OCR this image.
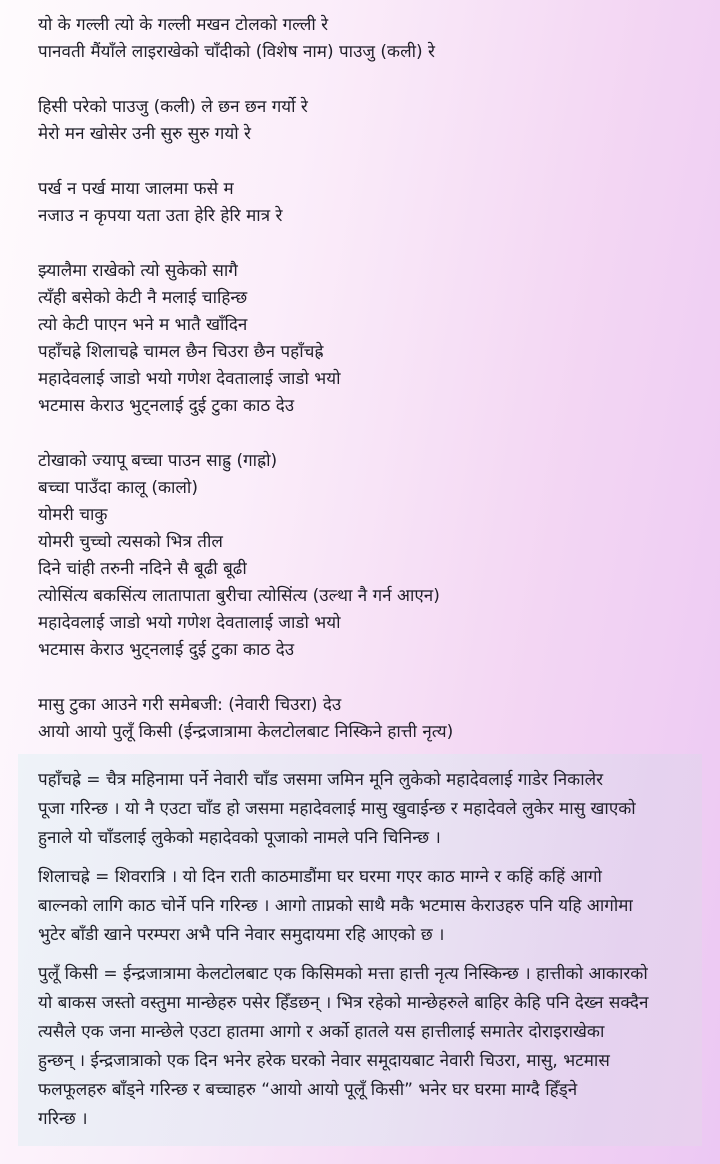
यो के गल्ली त्यो के गल्ली मखन टोलको गल्ली रे
पानवती मैंयाँले लाइराखेको चाँदीको (विशेष नाम) पाउजु (कली) रे
हिसी परेको पाउजु (कली) ले छन छन गर्यो रे
मेरो मन खोसेर उनी सुरु सुरु गयो रे
पर्ख न पर्ख माया जालमा फसे म
नजाउ न कृपया यता उता हेरि हेरि मात्र रे
झ्यालैमा राखेको त्यो सुकेको सागै
त्यँही बसेको केटी नै मलाई चाहिन्छ
त्यो केटी पाएन भने म भातै खाँदिन
पहाँचह्रे शिलाचह्रे चामल छैन चिउरा छैन पहाँचह्रे
महादेवलाई जाडो भयो गणेश देवतालाई जाडो भयो
भटमास केराउ भुट्नलाई दुई टुका काठ देउ
टोखाको ज्यापू बच्चा पाउन साह्रु (गाह्रो)
बच्चा पाउँदा कालू (कालो)
योमरी चाकु
योमरी चुच्चो त्यसको भित्र तील
दिने चांही तरुनी नदिने सै बूढी बूढी
त्योसिंत्य बकसिंत्य लातापाता बुरीचा त्योसिंत्य (उल्था नै गर्न आएन)
महादेवलाई जाडो भयो गणेश देवतालाई जाडो भयो
भटमास केराउ भुट्नलाई दुई टुका काठ देउ
मासु टुका आउने गरी समेबजी: (नेवारी चिउरा) देउ
आयो आयो पुलूँ किसी (ईन्द्रजात्रामा केलटोलबाट निस्किने हात्ती नृत्य)
पहाँचह्रे = चैत्र महिनामा पर्ने नेवारी चाँड जसमा जमिन मूनि लुकेको महादेवलाई गाडेर निकालेर
पूजा गरिन्छ । यो नै एउटा चाँड हो जसमा महादेवलाई मासु खुवाईन्छ र महादेवले लुकेर मासु खाएको
हुनाले यो चाँडलाई लुकेको महादेवको पूजाको नामले पनि चिनिन्छ ।
शिलाचह्रे = शिवरात्रि । यो दिन राती काठमाडौंमा घर घरमा गएर काठ माग्ने र कहिं कहिं आगो
बाल्नको लागि काठ चोर्ने पनि गरिन्छ । आगो ताप्नको साथै मकै भटमास केराउहरु पनि यहि आगोमा
भुटेर बाँडी खाने परम्परा अभै पनि नेवार समुदायमा रहि आएको छ ।
पुलूँ किसी = ईन्द्रजात्रामा केलटोलबाट एक किसिमको मत्ता हात्ती नृत्य निस्किन्छ । हात्तीको आकारको
यो बाकस जस्तो वस्तुमा मान्छेहरु पसेर हिँडछन् । भित्र रहेको मान्छेहरुले बाहिर केहि पनि देख्न सक्दैन
त्यसैले एक जना मान्छेले एउटा हातमा आगो र अर्को हातले यस हात्तीलाई समातेर दोराइराखेका
हुन्छन् । ईन्द्रजात्राको एक दिन भनेर हरेक घरको नेवार समूदायबाट नेवारी चिउरा, मासु, भटमास
फलफूलहरु बाँड्ने गरिन्छ र बच्चाहरु “आयो आयो पूलूँ किसी” भनेर घर घरमा माग्दै हिँड्ने
गरिन्छ ।
